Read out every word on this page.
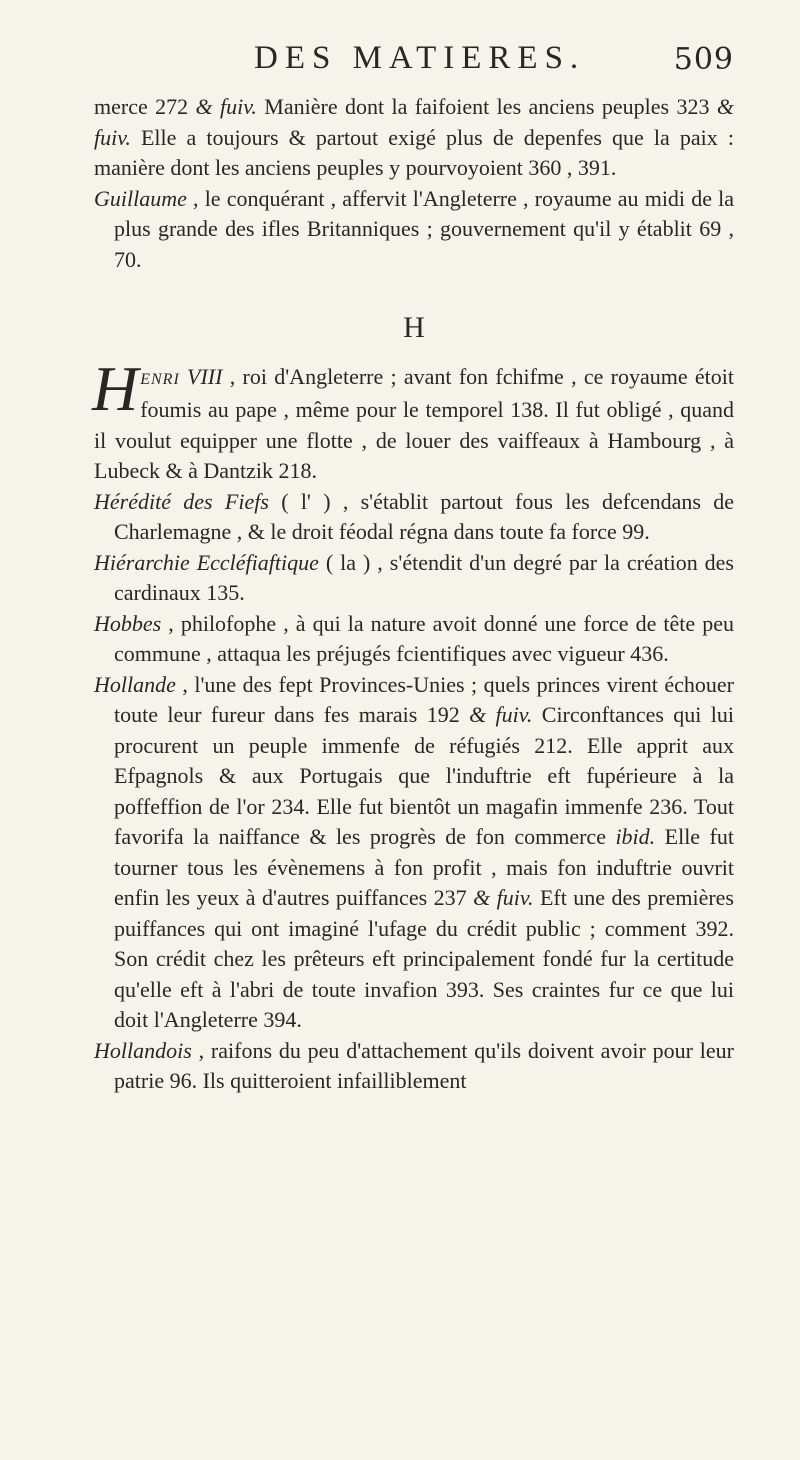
DES MATIERES.	509

merce 272 & fuiv. Manière dont la faifoient les anciens peuples 323 & fuiv. Elle a toujours & partout exigé plus de depenfes que la paix : manière dont les anciens peuples y pourvoyoient 360 , 391.

Guillaume , le conquérant , affervit l'Angleterre , royaume au midi de la plus grande des ifles Britanniques ; gouvernement qu'il y établit 69 , 70.

H

HENRI VIII , roi d'Angleterre ; avant fon fchifme , ce royaume étoit foumis au pape , même pour le temporel 138. Il fut obligé , quand il voulut equipper une flotte , de louer des vaiffeaux à Hambourg , à Lubeck & à Dantzik 218.

Hérédité des Fiefs ( l' ) , s'établit partout fous les defcendans de Charlemagne , & le droit féodal régna dans toute fa force 99.

Hiérarchie Eccléfiaftique ( la ) , s'étendit d'un degré par la création des cardinaux 135.

Hobbes , philofophe , à qui la nature avoit donné une force de tête peu commune , attaqua les préjugés fcientifiques avec vigueur 436.

Hollande , l'une des fept Provinces-Unies ; quels princes virent échouer toute leur fureur dans fes marais 192 & fuiv. Circonftances qui lui procurent un peuple immenfe de réfugiés 212. Elle apprit aux Efpagnols & aux Portugais que l'induftrie eft fupérieure à la poffeffion de l'or 234. Elle fut bientôt un magafin immenfe 236. Tout favorifa la naiffance & les progrès de fon commerce ibid. Elle fut tourner tous les évènemens à fon profit , mais fon induftrie ouvrit enfin les yeux à d'autres puiffances 237 & fuiv. Eft une des premières puiffances qui ont imaginé l'ufage du crédit public ; comment 392. Son crédit chez les prêteurs eft principalement fondé fur la certitude qu'elle eft à l'abri de toute invafion 393. Ses craintes fur ce que lui doit l'Angleterre 394.

Hollandois , raifons du peu d'attachement qu'ils doivent avoir pour leur patrie 96. Ils quitteroient infailliblement
